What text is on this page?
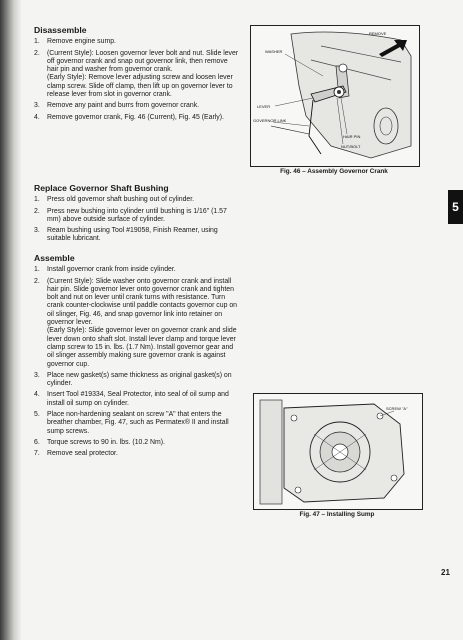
Disassemble
1. Remove engine sump.
2. (Current Style): Loosen governor lever bolt and nut. Slide lever off governor crank and snap out governor link, then remove hair pin and washer from governor crank.
(Early Style): Remove lever adjusting screw and loosen lever clamp screw. Slide off clamp, then lift up on governor lever to release lever from slot in governor crank.
3. Remove any paint and burrs from governor crank.
4. Remove governor crank, Fig. 46 (Current), Fig. 45 (Early).
Replace Governor Shaft Bushing
1. Press old governor shaft bushing out of cylinder.
2. Press new bushing into cylinder until bushing is 1/16" (1.57 mm) above outside surface of cylinder.
3. Ream bushing using Tool #19058, Finish Reamer, using suitable lubricant.
Assemble
1. Install governor crank from inside cylinder.
2. (Current Style): Slide washer onto governor crank and install hair pin. Slide governor lever onto governor crank and tighten bolt and nut on lever until crank turns with resistance. Turn crank counter-clockwise until paddle contacts governor cup on oil slinger, Fig. 46, and snap governor link into retainer on governor lever.
(Early Style): Slide governor lever on governor crank and slide lever down onto shaft slot. Install lever clamp and torque lever clamp screw to 15 in. lbs. (1.7 Nm). Install governor gear and oil slinger assembly making sure governor crank is against governor cup.
3. Place new gasket(s) same thickness as original gasket(s) on cylinder.
4. Insert Tool #19334, Seal Protector, into seal of oil sump and install oil sump on cylinder.
5. Place non-hardening sealant on screw "A" that enters the breather chamber, Fig. 47, such as Permatex® II and install sump screws.
6. Torque screws to 90 in. lbs. (10.2 Nm).
7. Remove seal protector.
REMOVE
WASHER
LEVER
GOVERNOR LINK
HAIR PIN
NUT/BOLT
Fig. 46 – Assembly Governor Crank
SCREW "A"
Fig. 47 – Installing Sump
5
21
